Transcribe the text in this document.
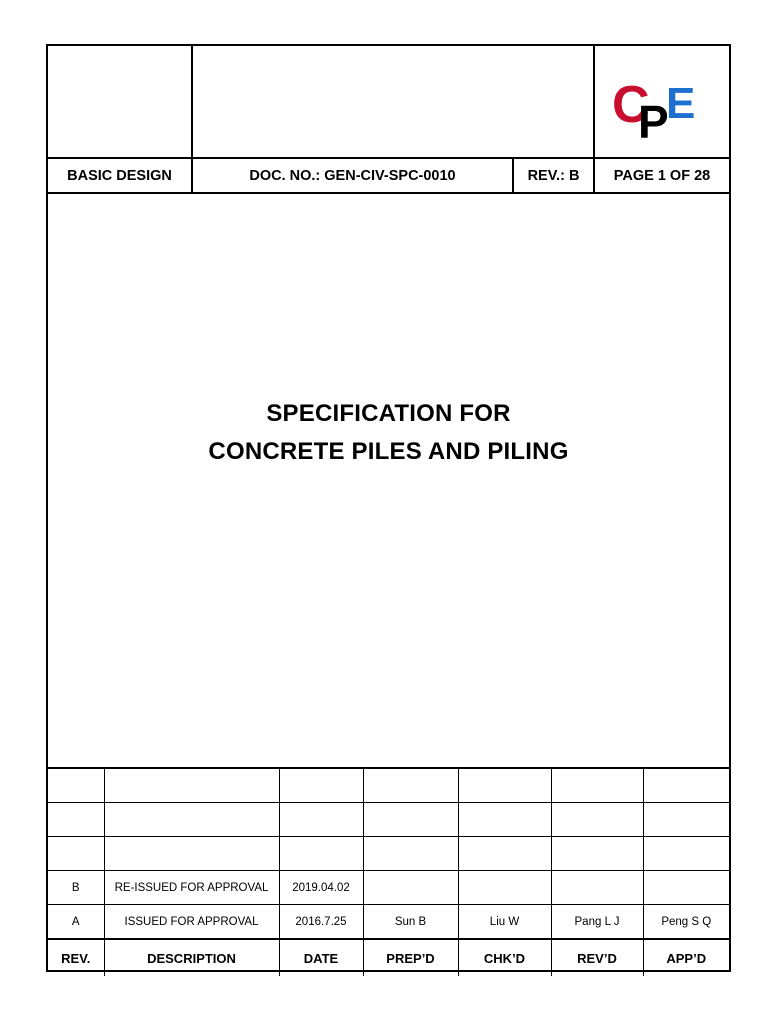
C
P
E
BASIC DESIGN	DOC. NO.: GEN-CIV-SPC-0010	REV.: B	PAGE 1 OF 28
SPECIFICATION FOR
CONCRETE PILES AND PILING

B	RE-ISSUED FOR APPROVAL	2019.04.02				
A	ISSUED FOR APPROVAL	2016.7.25	Sun B	Liu W	Pang L J	Peng S Q
REV.	DESCRIPTION	DATE	PREP’D	CHK’D	REV’D	APP’D
